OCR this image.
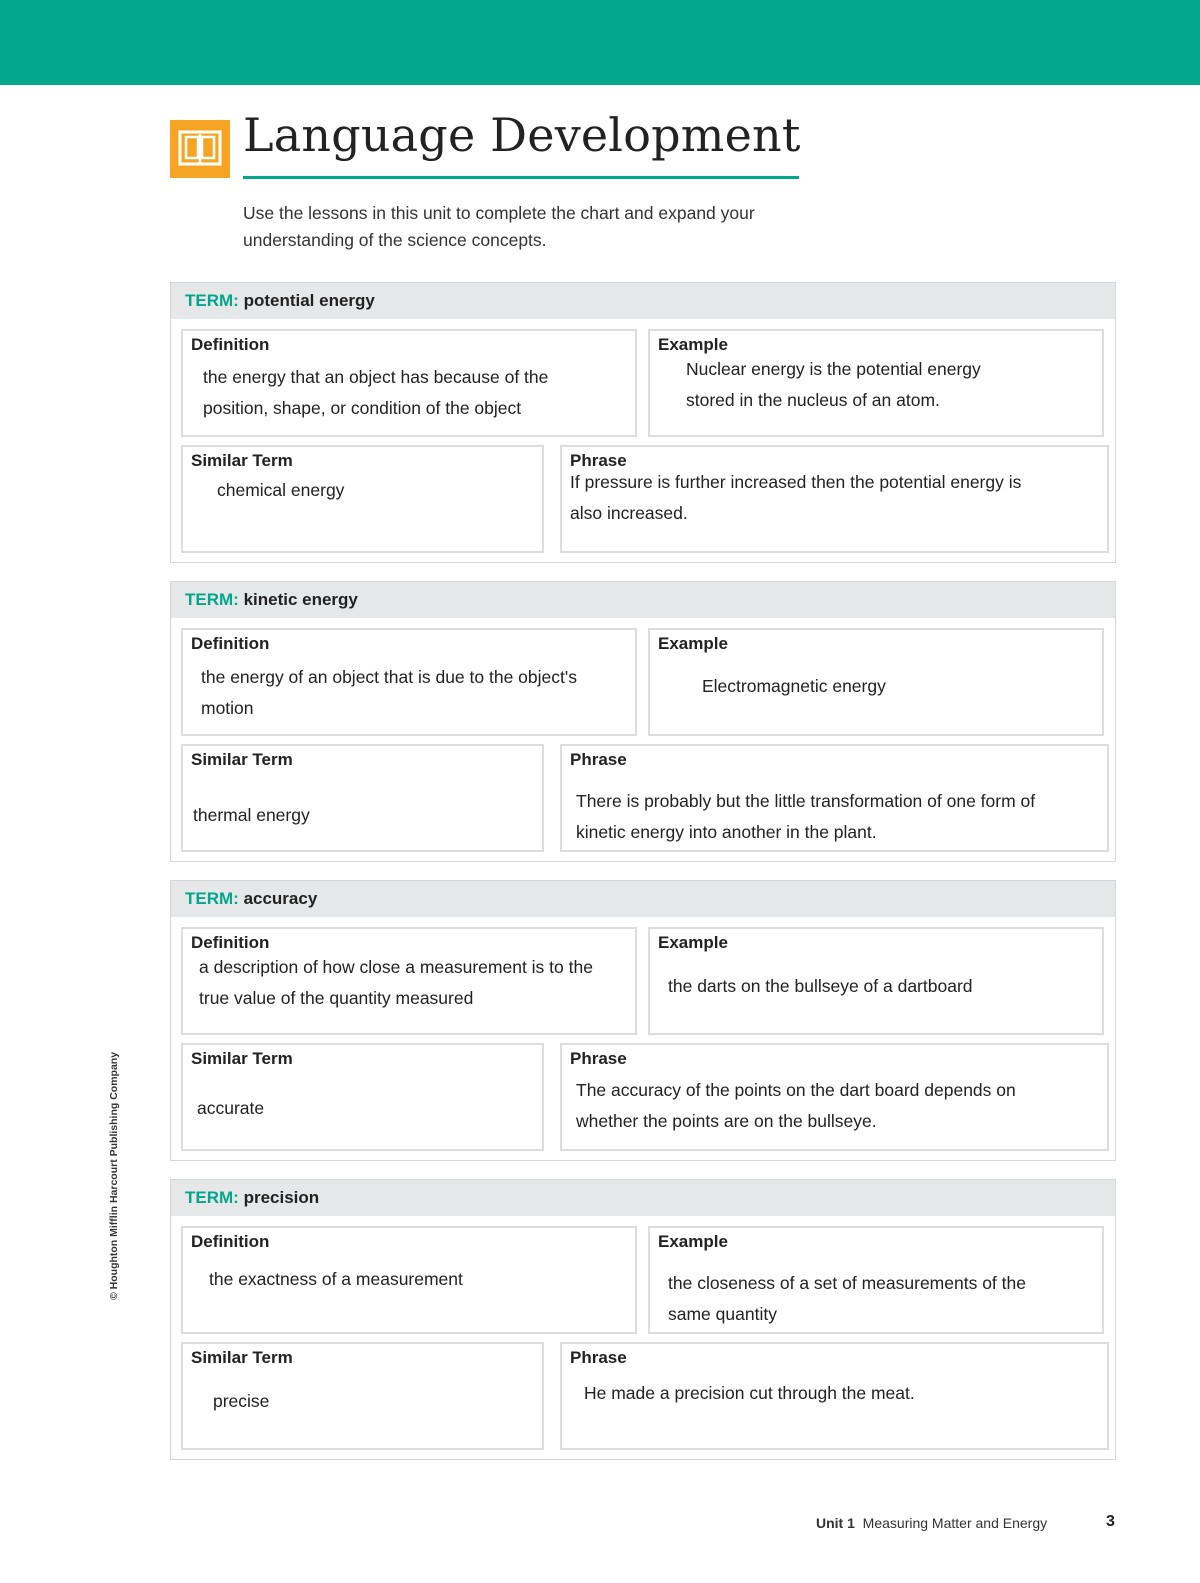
Language Development
Use the lessons in this unit to complete the chart and expand your understanding of the science concepts.
© Houghton Mifflin Harcourt Publishing Company
TERM: potential energy
Definition
the energy that an object has because of the position, shape, or condition of the object
Example
Nuclear energy is the potential energy stored in the nucleus of an atom.
Similar Term
chemical energy
Phrase
If pressure is further increased then the potential energy is also increased.
TERM: kinetic energy
Definition
the energy of an object that is due to the object's motion
Example
Electromagnetic energy
Similar Term
thermal energy
Phrase
There is probably but the little transformation of one form of kinetic energy into another in the plant.
TERM: accuracy
Definition
a description of how close a measurement is to the true value of the quantity measured
Example
the darts on the bullseye of a dartboard
Similar Term
accurate
Phrase
The accuracy of the points on the dart board depends on whether the points are on the bullseye.
TERM: precision
Definition
the exactness of a measurement
Example
the closeness of a set of measurements of the same quantity
Similar Term
precise
Phrase
He made a precision cut through the meat.
Unit 1 Measuring Matter and Energy	3
